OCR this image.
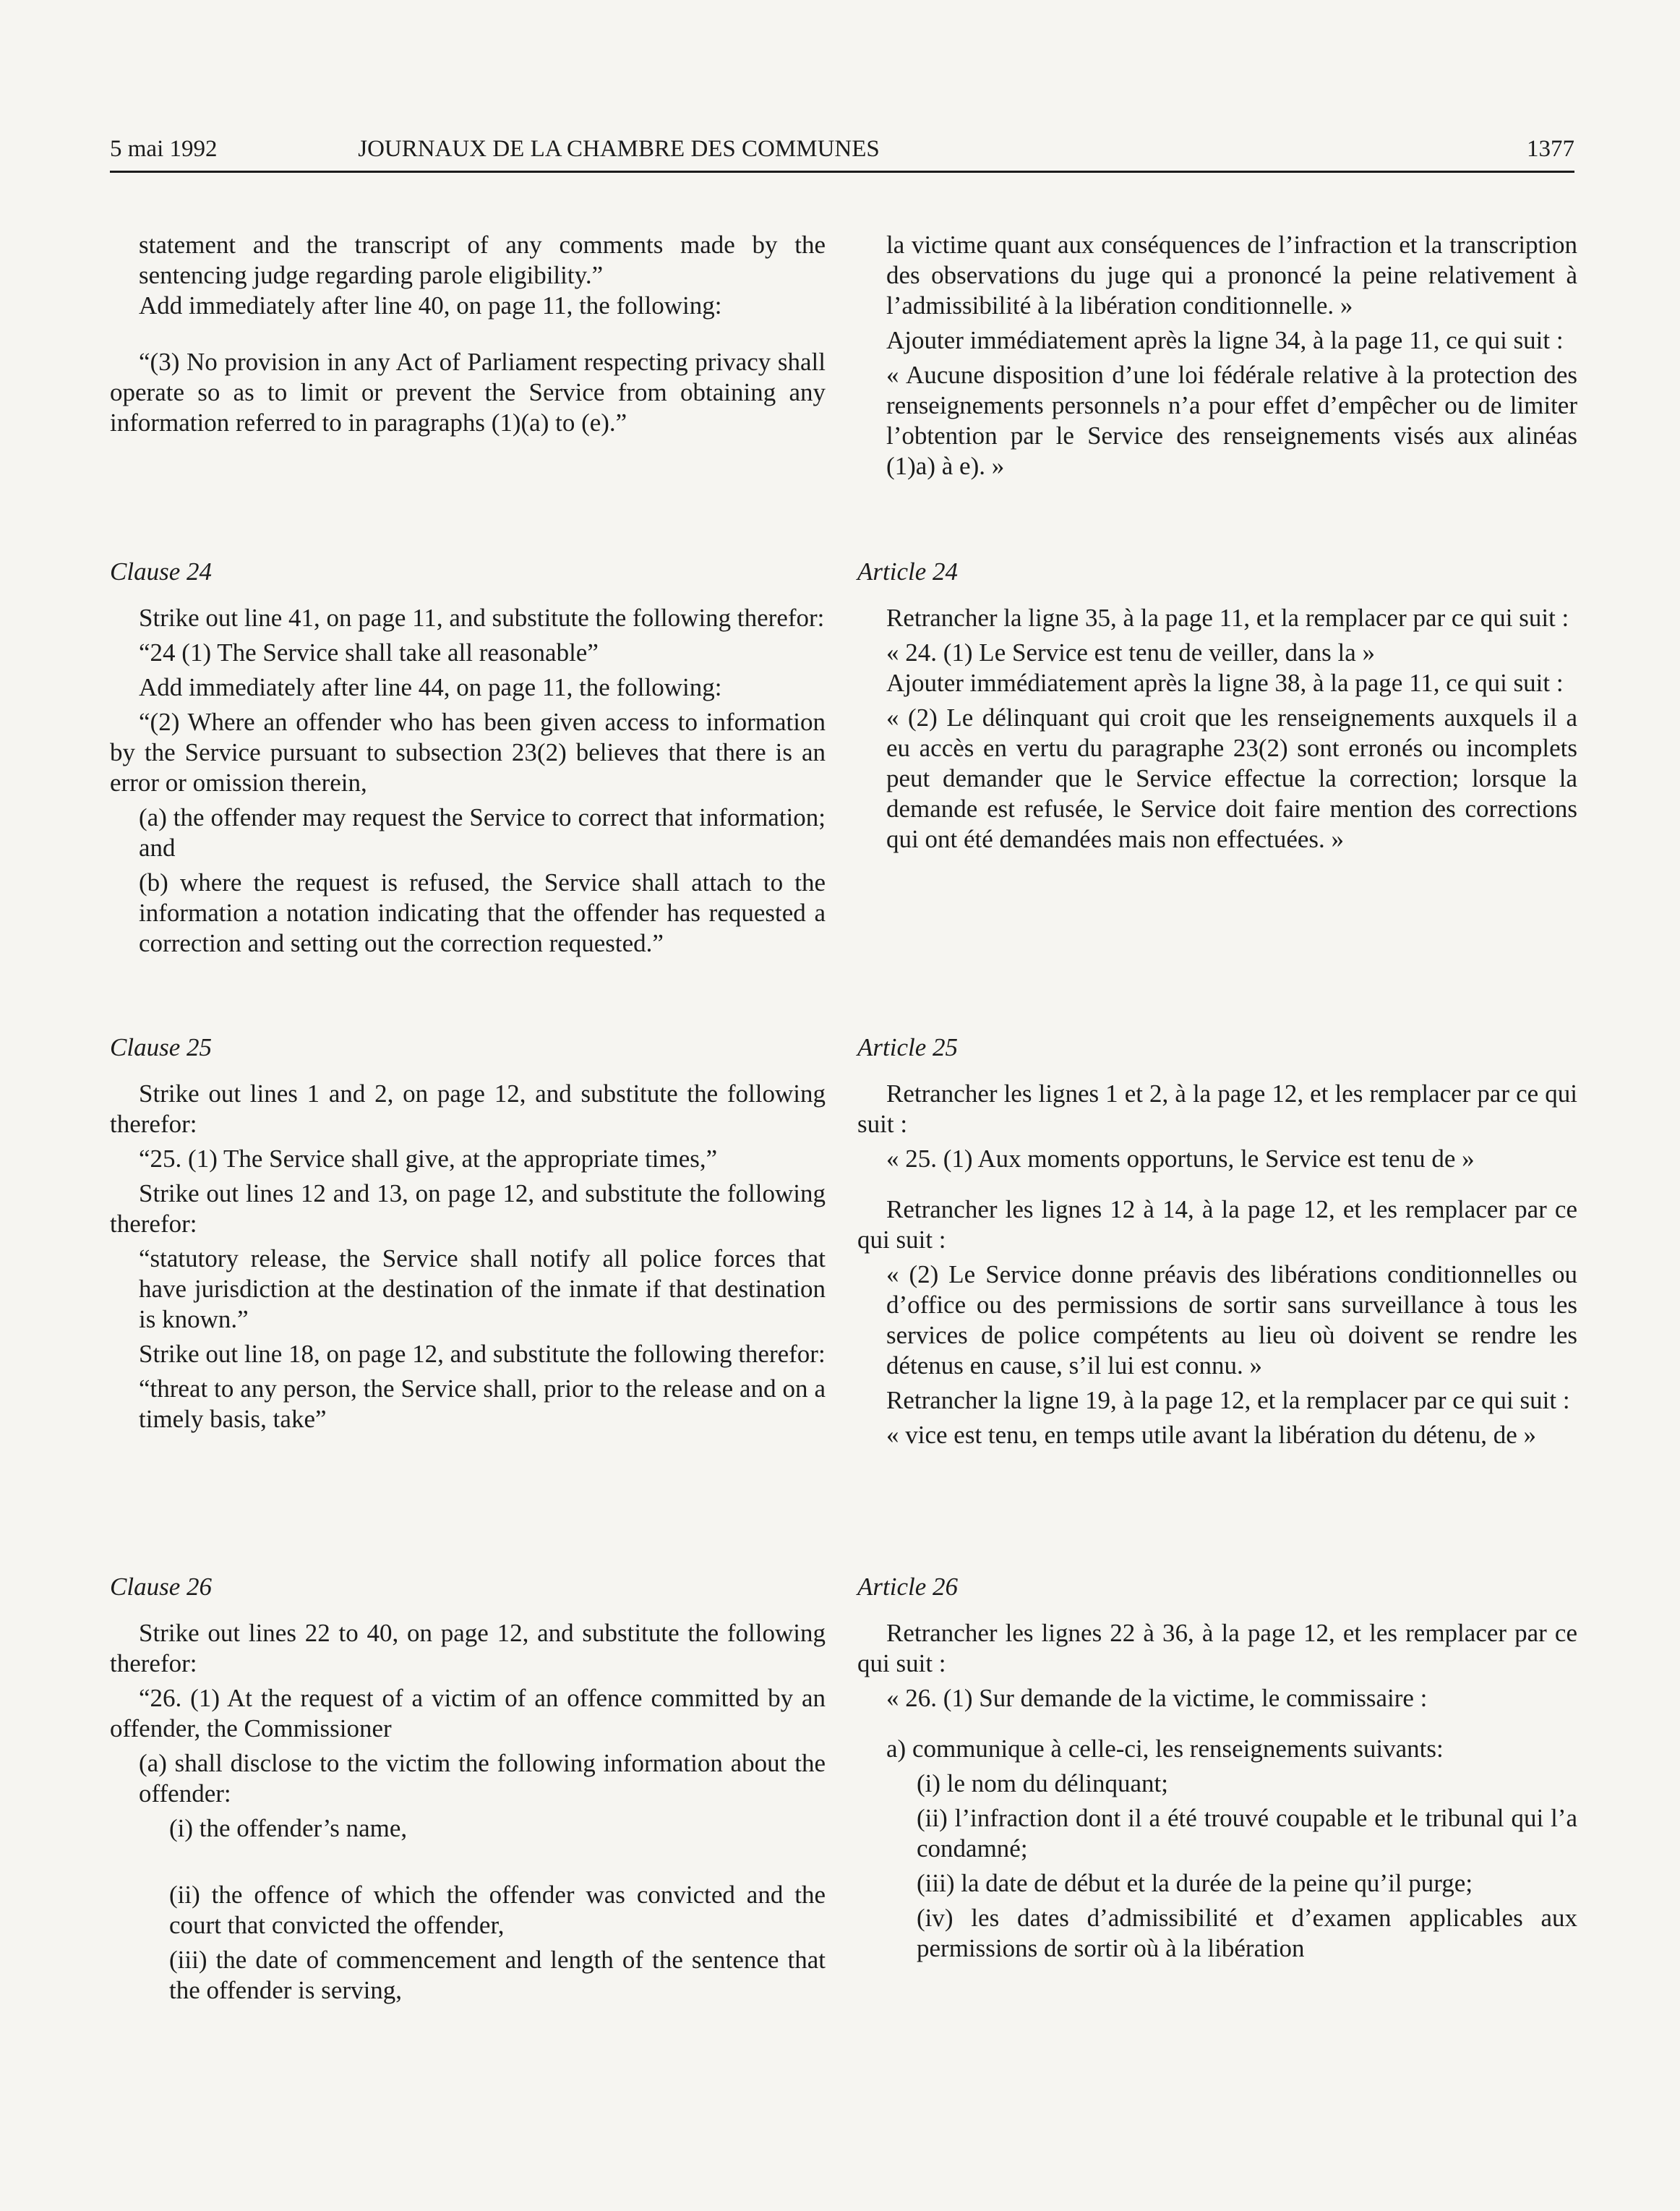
5 mai 1992	JOURNAUX DE LA CHAMBRE DES COMMUNES	1377

statement and the transcript of any comments made by the sentencing judge regarding parole eligibility.”

Add immediately after line 40, on page 11, the following:

“(3) No provision in any Act of Parliament respecting privacy shall operate so as to limit or prevent the Service from obtaining any information referred to in paragraphs (1)(a) to (e).”

Clause 24

Strike out line 41, on page 11, and substitute the following therefor:

“24 (1) The Service shall take all reasonable”

Add immediately after line 44, on page 11, the following:

“(2) Where an offender who has been given access to information by the Service pursuant to subsection 23(2) believes that there is an error or omission therein,

(a) the offender may request the Service to correct that information; and

(b) where the request is refused, the Service shall attach to the information a notation indicating that the offender has requested a correction and setting out the correction requested.”

Clause 25

Strike out lines 1 and 2, on page 12, and substitute the following therefor:

“25. (1) The Service shall give, at the appropriate times,”

Strike out lines 12 and 13, on page 12, and substitute the following therefor:

“statutory release, the Service shall notify all police forces that have jurisdiction at the destination of the inmate if that destination is known.”

Strike out line 18, on page 12, and substitute the following therefor:

“threat to any person, the Service shall, prior to the release and on a timely basis, take”

Clause 26

Strike out lines 22 to 40, on page 12, and substitute the following therefor:

“26. (1) At the request of a victim of an offence committed by an offender, the Commissioner

(a) shall disclose to the victim the following information about the offender:

(i) the offender’s name,

(ii) the offence of which the offender was convicted and the court that convicted the offender,

(iii) the date of commencement and length of the sentence that the offender is serving,

la victime quant aux conséquences de l’infraction et la transcription des observations du juge qui a prononcé la peine relativement à l’admissibilité à la libération conditionnelle. »

Ajouter immédiatement après la ligne 34, à la page 11, ce qui suit :

« Aucune disposition d’une loi fédérale relative à la protection des renseignements personnels n’a pour effet d’empêcher ou de limiter l’obtention par le Service des renseignements visés aux alinéas (1)a) à e). »

Article 24

Retrancher la ligne 35, à la page 11, et la remplacer par ce qui suit :

« 24. (1) Le Service est tenu de veiller, dans la »

Ajouter immédiatement après la ligne 38, à la page 11, ce qui suit :

« (2) Le délinquant qui croit que les renseignements auxquels il a eu accès en vertu du paragraphe 23(2) sont erronés ou incomplets peut demander que le Service effectue la correction; lorsque la demande est refusée, le Service doit faire mention des corrections qui ont été demandées mais non effectuées. »

Article 25

Retrancher les lignes 1 et 2, à la page 12, et les remplacer par ce qui suit :

« 25. (1) Aux moments opportuns, le Service est tenu de »

Retrancher les lignes 12 à 14, à la page 12, et les remplacer par ce qui suit :

« (2) Le Service donne préavis des libérations conditionnelles ou d’office ou des permissions de sortir sans surveillance à tous les services de police compétents au lieu où doivent se rendre les détenus en cause, s’il lui est connu. »

Retrancher la ligne 19, à la page 12, et la remplacer par ce qui suit :

« vice est tenu, en temps utile avant la libération du détenu, de »

Article 26

Retrancher les lignes 22 à 36, à la page 12, et les remplacer par ce qui suit :

« 26. (1) Sur demande de la victime, le commissaire :

a) communique à celle-ci, les renseignements suivants:

(i) le nom du délinquant;

(ii) l’infraction dont il a été trouvé coupable et le tribunal qui l’a condamné;

(iii) la date de début et la durée de la peine qu’il purge;

(iv) les dates d’admissibilité et d’examen applicables aux permissions de sortir où à la libération
